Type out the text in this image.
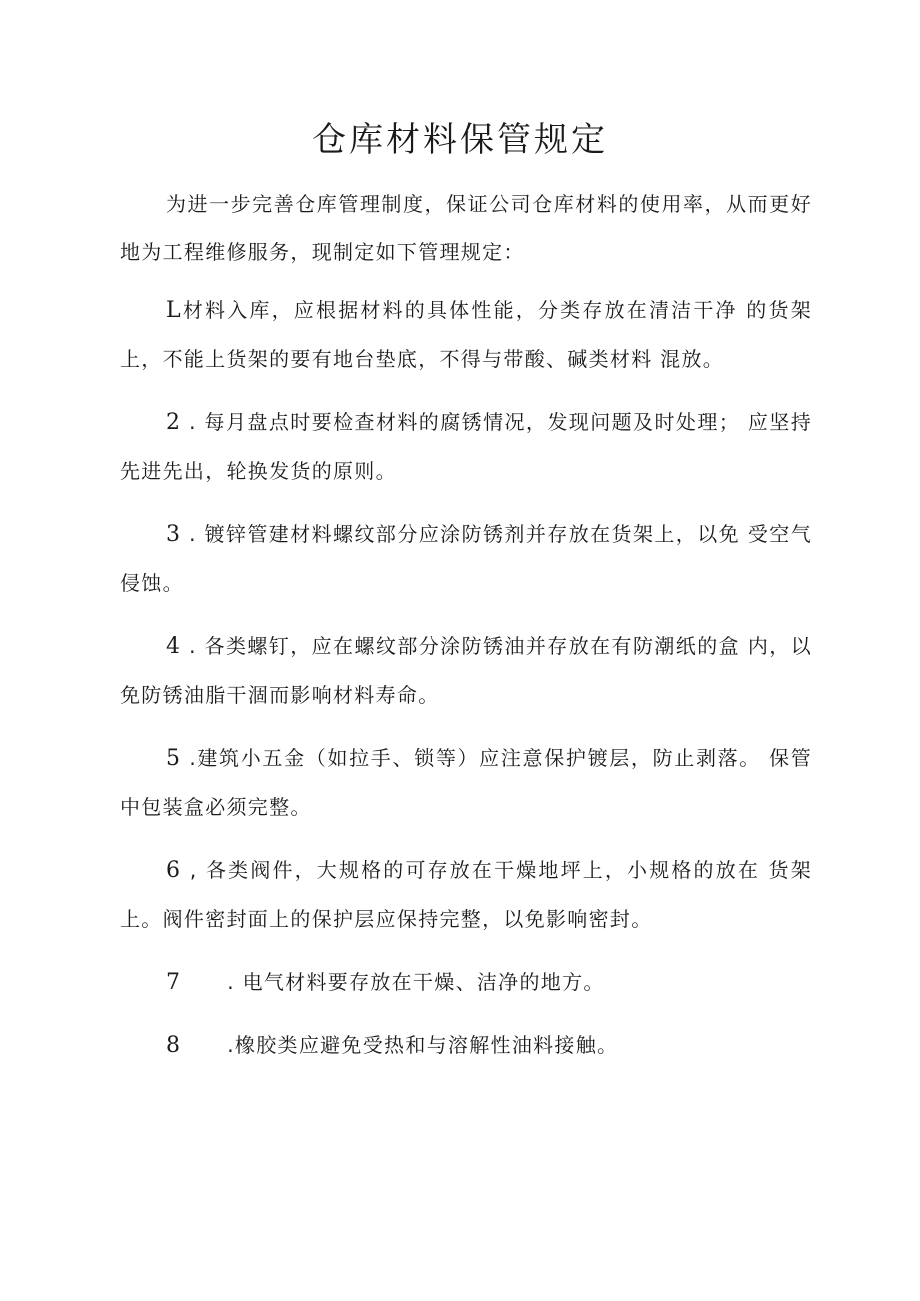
仓库材料保管规定

为进一步完善仓库管理制度，保证公司仓库材料的使用率，从而更好地为工程维修服务，现制定如下管理规定：

L材料入库，应根据材料的具体性能，分类存放在清洁干净 的货架上，不能上货架的要有地台垫底，不得与带酸、碱类材料 混放。

2 . 每月盘点时要检查材料的腐锈情况，发现问题及时处理； 应坚持先进先出，轮换发货的原则。

3 . 镀锌管建材料螺纹部分应涂防锈剂并存放在货架上，以免 受空气侵蚀。

4 . 各类螺钉，应在螺纹部分涂防锈油并存放在有防潮纸的盒 内，以免防锈油脂干涸而影响材料寿命。

5 .建筑小五金（如拉手、锁等）应注意保护镀层，防止剥落。 保管中包装盒必须完整。

6 , 各类阀件，大规格的可存放在干燥地坪上，小规格的放在 货架上。阀件密封面上的保护层应保持完整，以免影响密封。

7      . 电气材料要存放在干燥、洁净的地方。

8      .橡胶类应避免受热和与溶解性油料接触。
